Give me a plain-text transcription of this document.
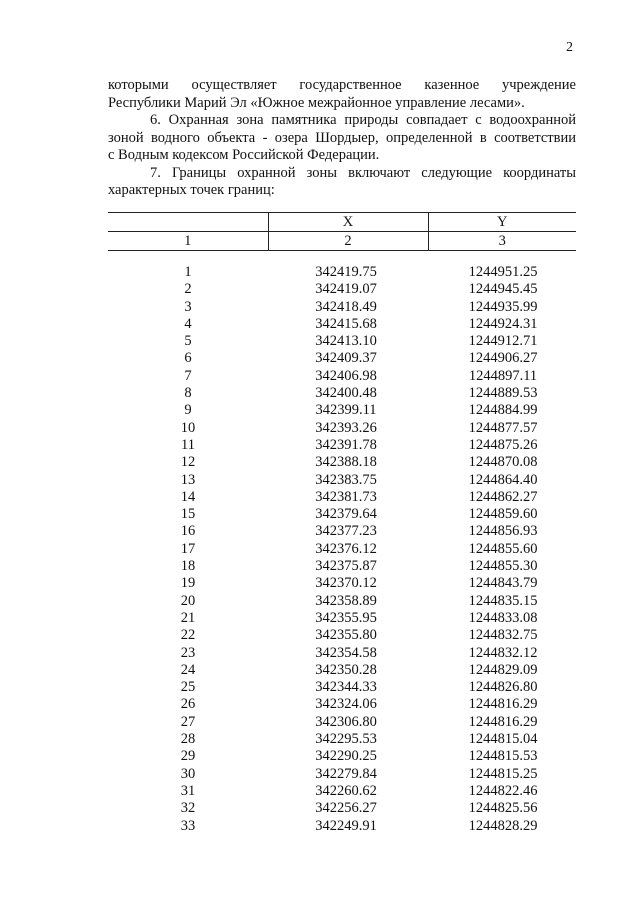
2

которыми осуществляет государственное казенное учреждение
Республики Марий Эл «Южное межрайонное управление лесами».

6. Охранная зона памятника природы совпадает с водоохранной
зоной водного объекта - озера Шордыер, определенной в соответствии
с Водным кодексом Российской Федерации.

7. Границы охранной зоны включают следующие координаты
характерных точек границ:

	X	Y
1	2	3

1	342419.75	1244951.25
2	342419.07	1244945.45
3	342418.49	1244935.99
4	342415.68	1244924.31
5	342413.10	1244912.71
6	342409.37	1244906.27
7	342406.98	1244897.11
8	342400.48	1244889.53
9	342399.11	1244884.99
10	342393.26	1244877.57
11	342391.78	1244875.26
12	342388.18	1244870.08
13	342383.75	1244864.40
14	342381.73	1244862.27
15	342379.64	1244859.60
16	342377.23	1244856.93
17	342376.12	1244855.60
18	342375.87	1244855.30
19	342370.12	1244843.79
20	342358.89	1244835.15
21	342355.95	1244833.08
22	342355.80	1244832.75
23	342354.58	1244832.12
24	342350.28	1244829.09
25	342344.33	1244826.80
26	342324.06	1244816.29
27	342306.80	1244816.29
28	342295.53	1244815.04
29	342290.25	1244815.53
30	342279.84	1244815.25
31	342260.62	1244822.46
32	342256.27	1244825.56
33	342249.91	1244828.29
